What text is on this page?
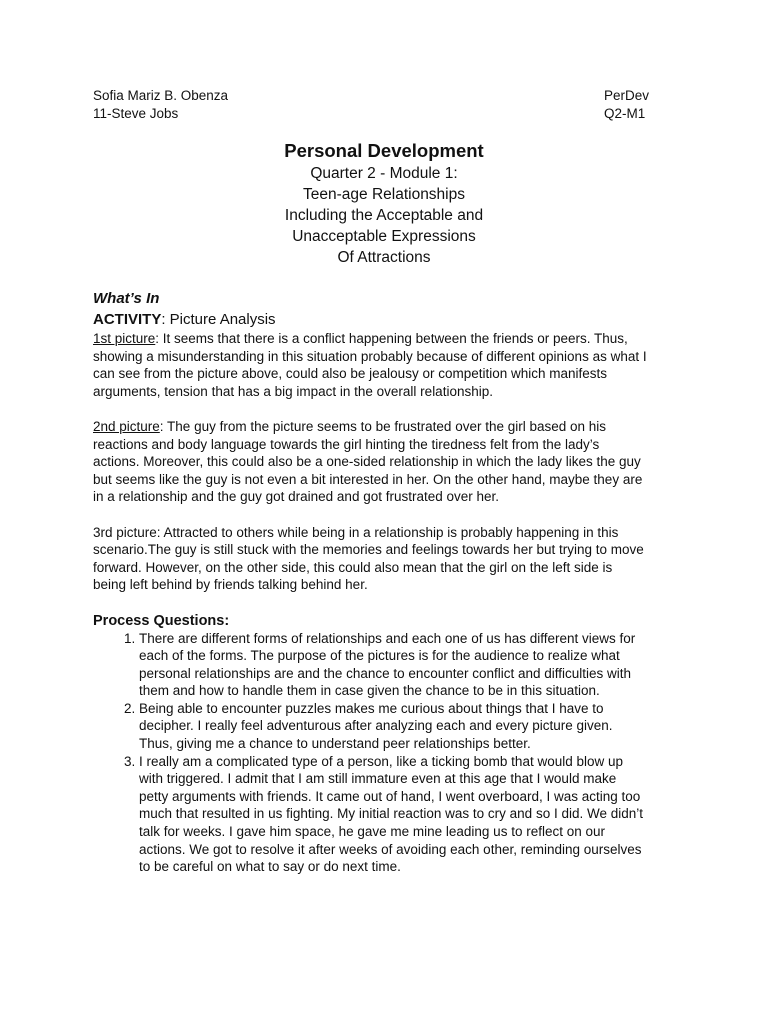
Sofia Mariz B. Obenza
11-Steve Jobs
PerDev
Q2-M1
Personal Development
Quarter 2 - Module 1:
Teen-age Relationships
Including the Acceptable and
Unacceptable Expressions
Of Attractions
What’s In
ACTIVITY: Picture Analysis

1st picture: It seems that there is a conflict happening between the friends or peers. Thus,
showing a misunderstanding in this situation probably because of different opinions as what I
can see from the picture above, could also be jealousy or competition which manifests
arguments, tension that has a big impact in the overall relationship.

2nd picture: The guy from the picture seems to be frustrated over the girl based on his
reactions and body language towards the girl hinting the tiredness felt from the lady’s
actions. Moreover, this could also be a one-sided relationship in which the lady likes the guy
but seems like the guy is not even a bit interested in her. On the other hand, maybe they are
in a relationship and the guy got drained and got frustrated over her.

3rd picture: Attracted to others while being in a relationship is probably happening in this
scenario.The guy is still stuck with the memories and feelings towards her but trying to move
forward. However, on the other side, this could also mean that the girl on the left side is
being left behind by friends talking behind her.

Process Questions:
1. There are different forms of relationships and each one of us has different views for
each of the forms. The purpose of the pictures is for the audience to realize what
personal relationships are and the chance to encounter conflict and difficulties with
them and how to handle them in case given the chance to be in this situation.
2. Being able to encounter puzzles makes me curious about things that I have to
decipher. I really feel adventurous after analyzing each and every picture given.
Thus, giving me a chance to understand peer relationships better.
3. I really am a complicated type of a person, like a ticking bomb that would blow up
with triggered. I admit that I am still immature even at this age that I would make
petty arguments with friends. It came out of hand, I went overboard, I was acting too
much that resulted in us fighting. My initial reaction was to cry and so I did. We didn’t
talk for weeks. I gave him space, he gave me mine leading us to reflect on our
actions. We got to resolve it after weeks of avoiding each other, reminding ourselves
to be careful on what to say or do next time.
